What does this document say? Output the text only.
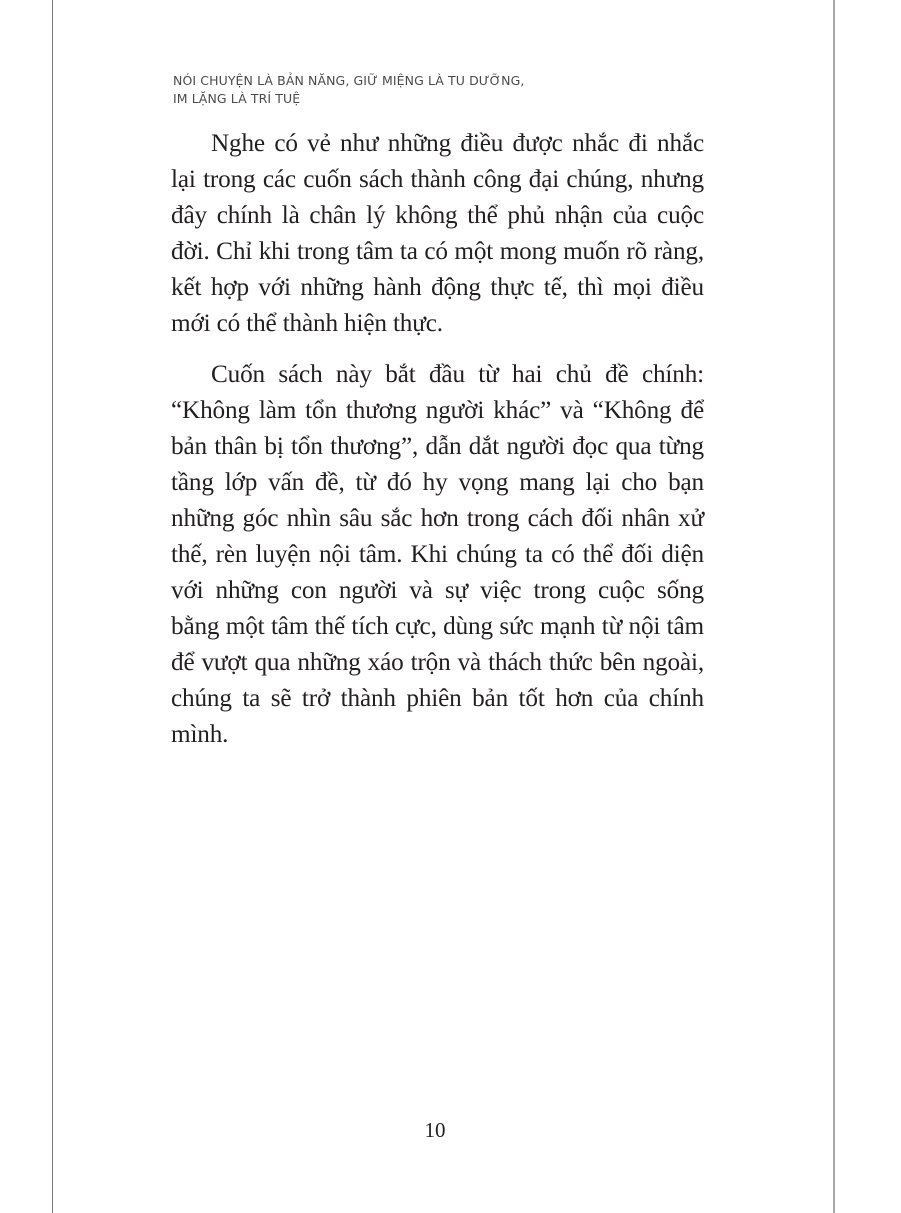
NÓI CHUYỆN LÀ BẢN NĂNG, GIỮ MIỆNG LÀ TU DƯỠNG,
IM LẶNG LÀ TRÍ TUỆ

Nghe có vẻ như những điều được nhắc đi nhắc lại trong các cuốn sách thành công đại chúng, nhưng đây chính là chân lý không thể phủ nhận của cuộc đời. Chỉ khi trong tâm ta có một mong muốn rõ ràng, kết hợp với những hành động thực tế, thì mọi điều mới có thể thành hiện thực.

Cuốn sách này bắt đầu từ hai chủ đề chính: “Không làm tổn thương người khác” và “Không để bản thân bị tổn thương”, dẫn dắt người đọc qua từng tầng lớp vấn đề, từ đó hy vọng mang lại cho bạn những góc nhìn sâu sắc hơn trong cách đối nhân xử thế, rèn luyện nội tâm. Khi chúng ta có thể đối diện với những con người và sự việc trong cuộc sống bằng một tâm thế tích cực, dùng sức mạnh từ nội tâm để vượt qua những xáo trộn và thách thức bên ngoài, chúng ta sẽ trở thành phiên bản tốt hơn của chính mình.

10
